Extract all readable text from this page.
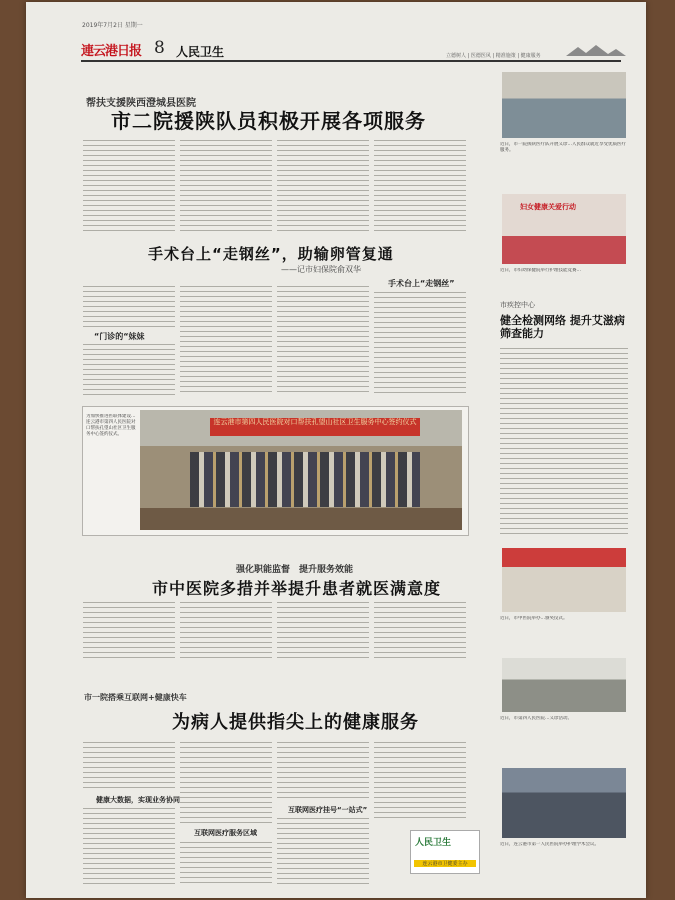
2019年7月2日 星期一
連云港日报 8 人民卫生	立德树人 | 医德医风 | 精准施策 | 健康服务
帮扶支援陕西澄城县医院
市二院援陕队员积极开展各项服务
手术台上“走钢丝”，助输卵管复通
——记市妇保院俞双华
“门诊的“妹妹
手术台上“走钢丝”
为加快推进医联体建设…连云港市第四人民医院对口帮扶孔望山社区卫生服务中心签约仪式。
连云港市第四人民医院对口帮扶孔望山社区卫生服务中心签约仪式
强化职能监督　提升服务效能
市中医院多措并举提升患者就医满意度
市一院搭乘互联网+健康快车
为病人提供指尖上的健康服务
健康大数据，实现业务协同
互联网医疗服务区域
互联网医疗挂号“一站式”
人民卫生
连云港市卫健委主办
近日，市一院援陕医疗队开展义诊…人民群众就近享受优质医疗服务。
妇女健康关爱行动
近日，市妇幼保健院举行护理技能竞赛…
市疾控中心
健全检测网络 提升艾滋病筛查能力
近日，市中医院举办…颁奖仪式。
近日，市第四人民医院…义诊活动。
近日，连云港市第一人民医院举办护理学术会议。
